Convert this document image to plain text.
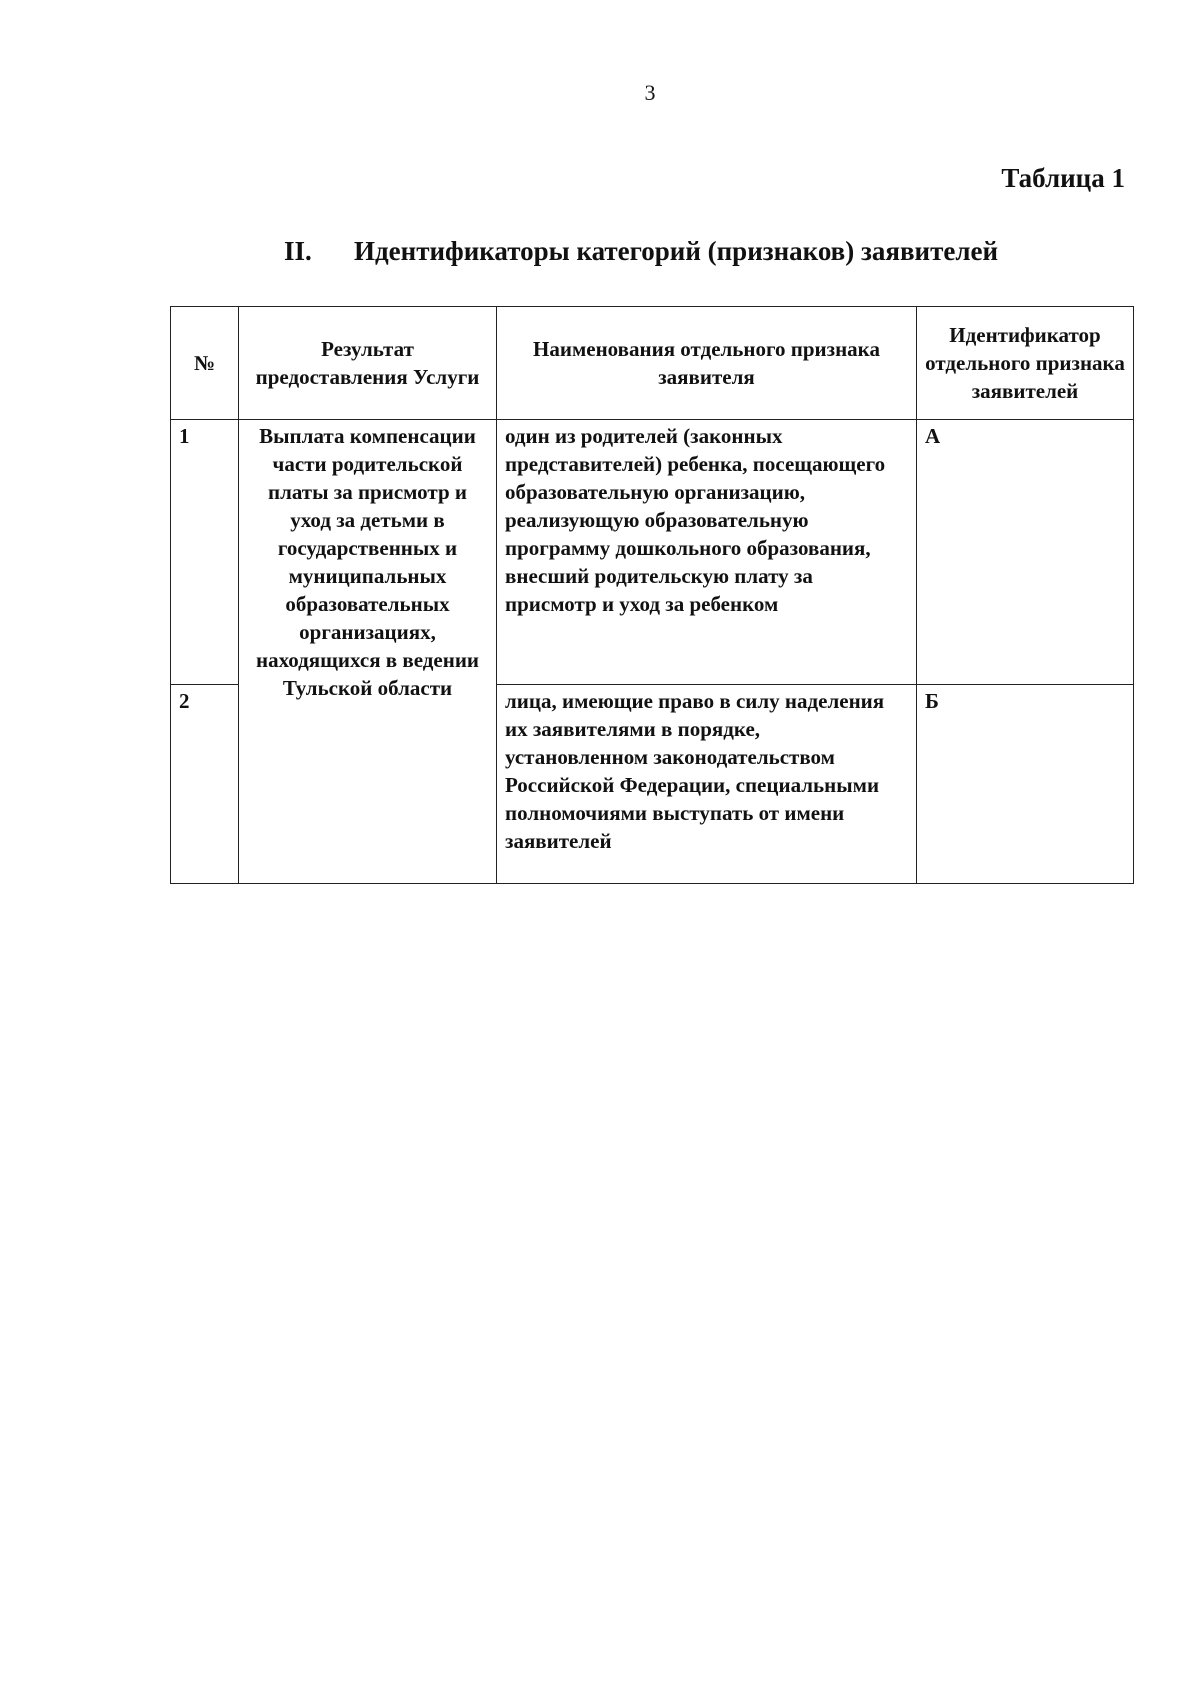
3
Таблица 1
II. Идентификаторы категорий (признаков) заявителей
№	Результат предоставления Услуги	Наименования отдельного признака заявителя	Идентификатор отдельного признака заявителей
1	Выплата компенсации части родительской платы за присмотр и уход за детьми в государственных и муниципальных образовательных организациях, находящихся в ведении Тульской области	один из родителей (законных представителей) ребенка, посещающего образовательную организацию, реализующую образовательную программу дошкольного образования, внесший родительскую плату за присмотр и уход за ребенком	А
2		лица, имеющие право в силу наделения их заявителями в порядке, установленном законодательством Российской Федерации, специальными полномочиями выступать от имени заявителей	Б
